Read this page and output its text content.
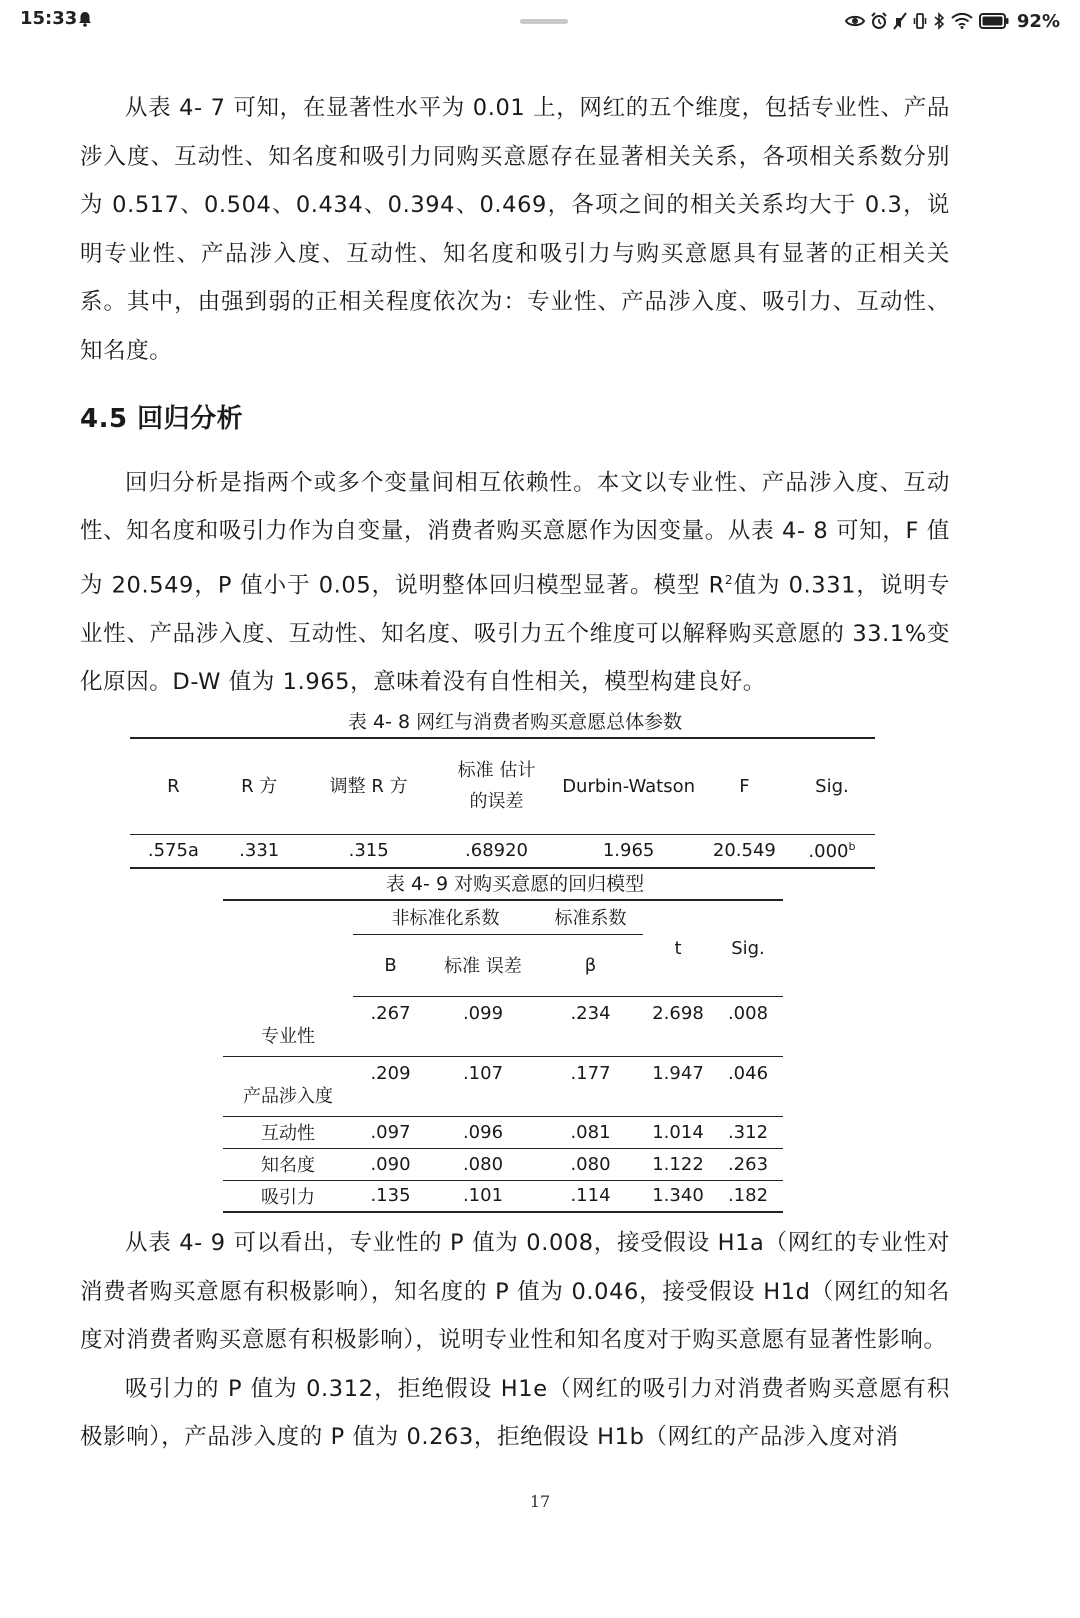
15:33	92%

从表 4- 7 可知，在显著性水平为 0.01 上，网红的五个维度，包括专业性、产品涉入度、互动性、知名度和吸引力同购买意愿存在显著相关关系，各项相关系数分别为 0.517、0.504、0.434、0.394、0.469，各项之间的相关关系均大于 0.3，说明专业性、产品涉入度、互动性、知名度和吸引力与购买意愿具有显著的正相关关系。其中，由强到弱的正相关程度依次为：专业性、产品涉入度、吸引力、互动性、知名度。

4.5 回归分析

回归分析是指两个或多个变量间相互依赖性。本文以专业性、产品涉入度、互动性、知名度和吸引力作为自变量，消费者购买意愿作为因变量。从表 4- 8 可知，F 值为 20.549，P 值小于 0.05，说明整体回归模型显著。模型 $R^2$值为 0.331，说明专业性、产品涉入度、互动性、知名度、吸引力五个维度可以解释购买意愿的 33.1%变化原因。D-W 值为 1.965，意味着没有自性相关，模型构建良好。

表 4- 8 网红与消费者购买意愿总体参数
R	R 方	调整 R 方	标准 估计的误差	Durbin-Watson	F	Sig.
.575a	.331	.315	.68920	1.965	20.549	.000$^b$
表 4- 9 对购买意愿的回归模型
	非标准化系数		标准系数	t	Sig.
	B	标准 误差	β		
专业性	.267	.099	.234	2.698	.008
产品涉入度	.209	.107	.177	1.947	.046
互动性	.097	.096	.081	1.014	.312
知名度	.090	.080	.080	1.122	.263
吸引力	.135	.101	.114	1.340	.182

从表 4- 9 可以看出，专业性的 P 值为 0.008，接受假设 H1a（网红的专业性对消费者购买意愿有积极影响），知名度的 P 值为 0.046，接受假设 H1d（网红的知名度对消费者购买意愿有积极影响），说明专业性和知名度对于购买意愿有显著性影响。

吸引力的 P 值为 0.312，拒绝假设 H1e（网红的吸引力对消费者购买意愿有积极影响），产品涉入度的 P 值为 0.263，拒绝假设 H1b（网红的产品涉入度对消

17
